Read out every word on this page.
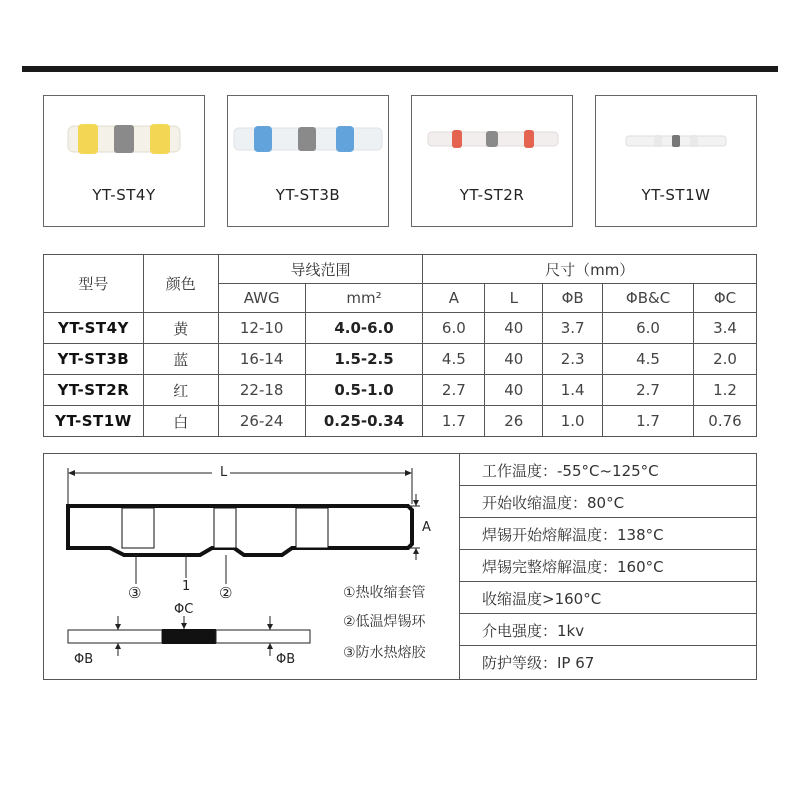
YT-ST4Y	YT-ST3B	YT-ST2R	YT-ST1W
型号	颜色	导线范围		尺寸（mm）				
		AWG	mm²	A	L	ΦB	ΦB&C	ΦC
YT-ST4Y	黄	12-10	4.0-6.0	6.0	40	3.7	6.0	3.4
YT-ST3B	蓝	16-14	1.5-2.5	4.5	40	2.3	4.5	2.0
YT-ST2R	红	22-18	0.5-1.0	2.7	40	1.4	2.7	1.2
YT-ST1W	白	26-24	0.25-0.34	1.7	26	1.0	1.7	0.76
L
A
③	1 ②
ΦC
ΦB	ΦB
①热收缩套管
②低温焊锡环
③防水热熔胶
工作温度：-55°C~125°C
开始收缩温度：80°C
焊锡开始熔解温度：138°C
焊锡完整熔解温度：160°C
收缩温度>160°C
介电强度：1kv
防护等级：IP 67
